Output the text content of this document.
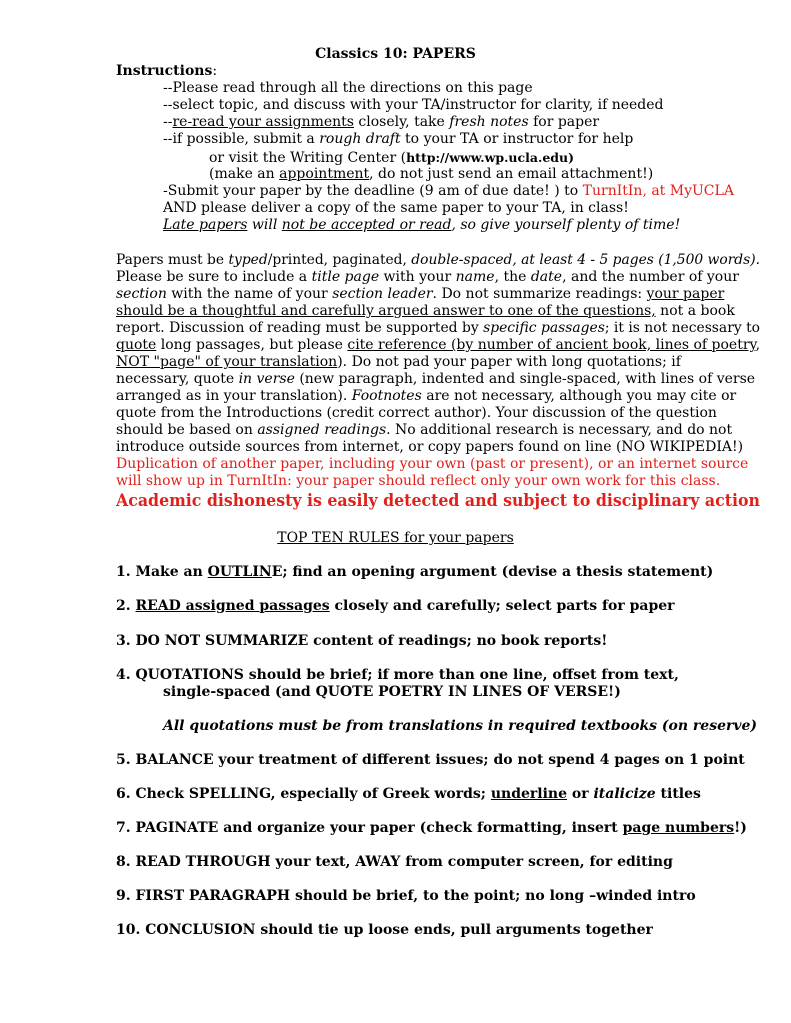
Classics 10: PAPERS
Instructions:
--Please read through all the directions on this page
--select topic, and discuss with your TA/instructor for clarity, if needed
--re-read your assignments closely, take fresh notes for paper
--if possible, submit a rough draft to your TA or instructor for help
or visit the Writing Center (http://www.wp.ucla.edu)
(make an appointment, do not just send an email attachment!)
-Submit your paper by the deadline (9 am of due date! ) to TurnItIn, at MyUCLA
AND please deliver a copy of the same paper to your TA, in class!
Late papers will not be accepted or read, so give yourself plenty of time!
Papers must be typed/printed, paginated, double-spaced, at least 4 - 5 pages (1,500 words).
Please be sure to include a title page with your name, the date, and the number of your
section with the name of your section leader. Do not summarize readings: your paper
should be a thoughtful and carefully argued answer to one of the questions, not a book
report. Discussion of reading must be supported by specific passages; it is not necessary to
quote long passages, but please cite reference (by number of ancient book, lines of poetry,
NOT "page" of your translation). Do not pad your paper with long quotations; if
necessary, quote in verse (new paragraph, indented and single-spaced, with lines of verse
arranged as in your translation). Footnotes are not necessary, although you may cite or
quote from the Introductions (credit correct author). Your discussion of the question
should be based on assigned readings. No additional research is necessary, and do not
introduce outside sources from internet, or copy papers found on line (NO WIKIPEDIA!)
Duplication of another paper, including your own (past or present), or an internet source
will show up in TurnItIn: your paper should reflect only your own work for this class.
Academic dishonesty is easily detected and subject to disciplinary action
TOP TEN RULES for your papers
1. Make an OUTLINE; find an opening argument (devise a thesis statement)
2. READ assigned passages closely and carefully; select parts for paper
3. DO NOT SUMMARIZE content of readings; no book reports!
4. QUOTATIONS should be brief; if more than one line, offset from text,
single-spaced (and QUOTE POETRY IN LINES OF VERSE!)
All quotations must be from translations in required textbooks (on reserve)
5. BALANCE your treatment of different issues; do not spend 4 pages on 1 point
6. Check SPELLING, especially of Greek words; underline or italicize titles
7. PAGINATE and organize your paper (check formatting, insert page numbers!)
8. READ THROUGH your text, AWAY from computer screen, for editing
9. FIRST PARAGRAPH should be brief, to the point; no long –winded intro
10. CONCLUSION should tie up loose ends, pull arguments together
